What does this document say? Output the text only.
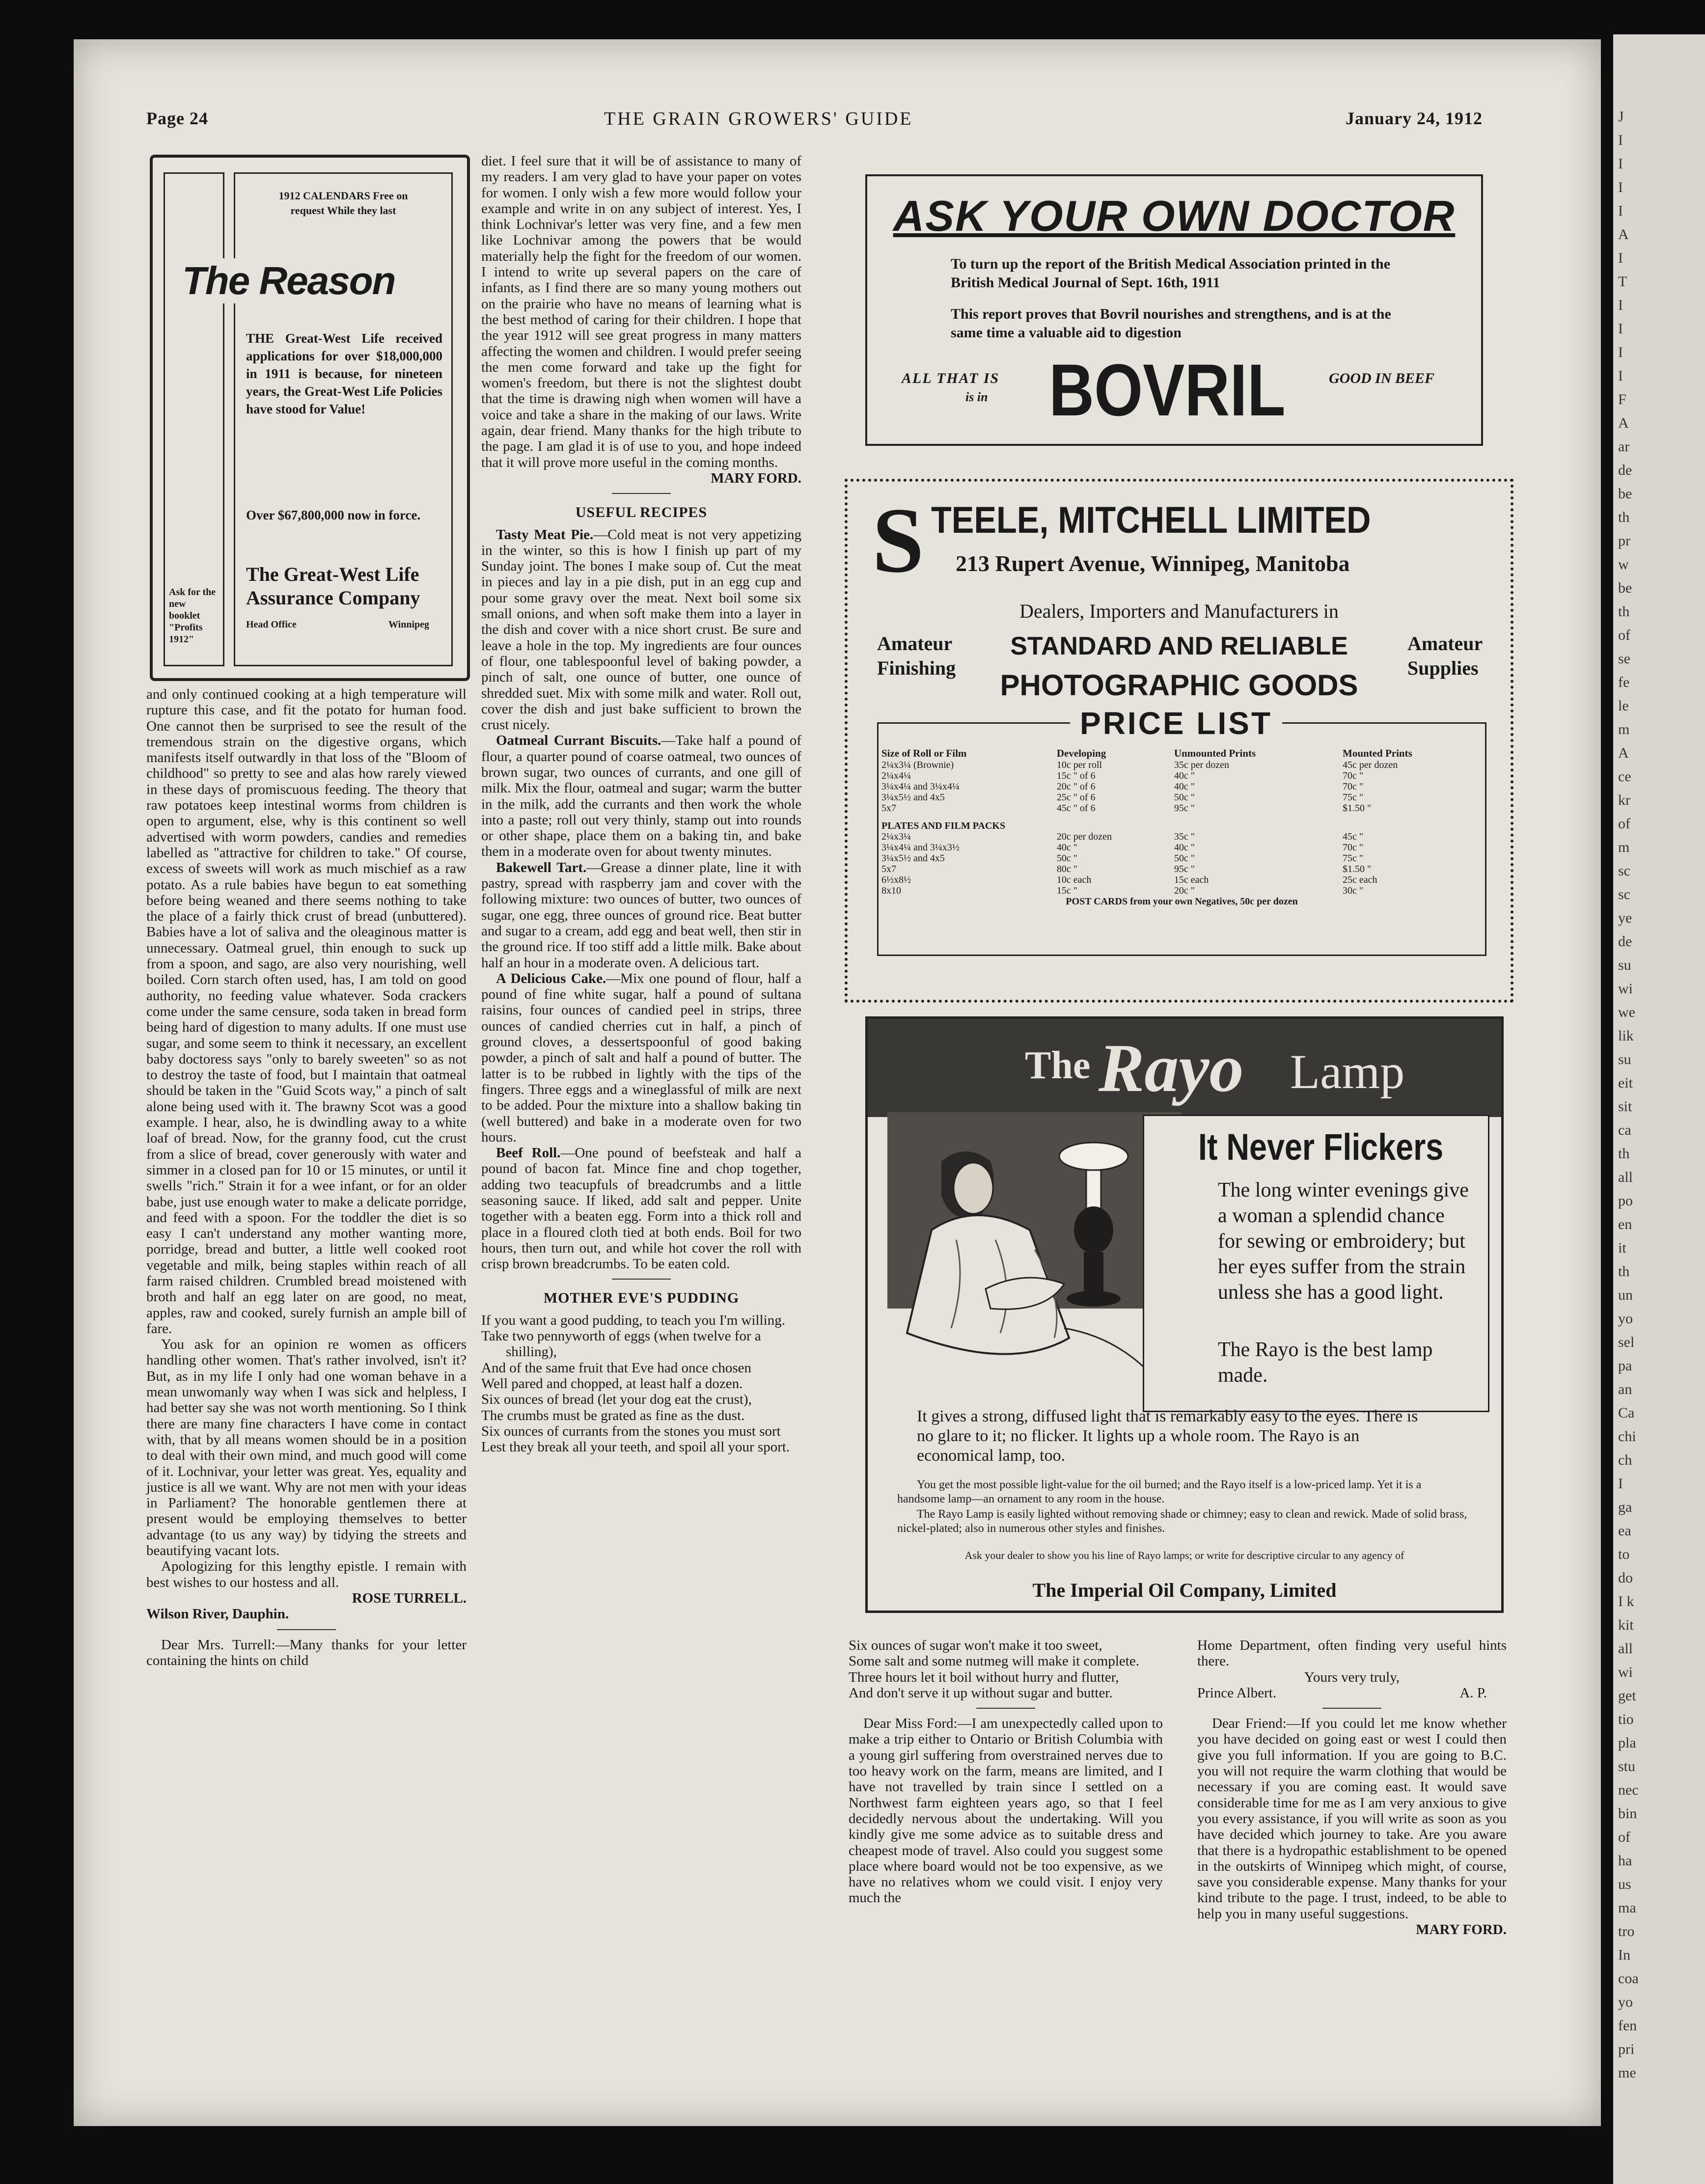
Page 24	THE GRAIN GROWERS' GUIDE	January 24, 1912
Ask for the new booklet "Profits 1912"
1912 CALENDARS Free on request While they last
The Reason
THE Great-West Life received applications for over $18,000,000 in 1911 is because, for nineteen years, the Great-West Life Policies have stood for Value!
Over $67,800,000 now in force.
The Great-West Life Assurance Company
Head Office	Winnipeg

and only continued cooking at a high temperature will rupture this case, and fit the potato for human food. One cannot then be surprised to see the result of the tremendous strain on the digestive organs, which manifests itself outwardly in that loss of the "Bloom of childhood" so pretty to see and alas how rarely viewed in these days of promiscuous feeding. The theory that raw potatoes keep intestinal worms from children is open to argument, else, why is this continent so well advertised with worm powders, candies and remedies labelled as "attractive for children to take." Of course, excess of sweets will work as much mischief as a raw potato. As a rule babies have begun to eat something before being weaned and there seems nothing to take the place of a fairly thick crust of bread (unbuttered). Babies have a lot of saliva and the oleaginous matter is unnecessary. Oatmeal gruel, thin enough to suck up from a spoon, and sago, are also very nourishing, well boiled. Corn starch often used, has, I am told on good authority, no feeding value whatever. Soda crackers come under the same censure, soda taken in bread form being hard of digestion to many adults. If one must use sugar, and some seem to think it necessary, an excellent baby doctoress says "only to barely sweeten" so as not to destroy the taste of food, but I maintain that oatmeal should be taken in the "Guid Scots way," a pinch of salt alone being used with it. The brawny Scot was a good example. I hear, also, he is dwindling away to a white loaf of bread. Now, for the granny food, cut the crust from a slice of bread, cover generously with water and simmer in a closed pan for 10 or 15 minutes, or until it swells "rich." Strain it for a wee infant, or for an older babe, just use enough water to make a delicate porridge, and feed with a spoon. For the toddler the diet is so easy I can't understand any mother wanting more, porridge, bread and butter, a little well cooked root vegetable and milk, being staples within reach of all farm raised children. Crumbled bread moistened with broth and half an egg later on are good, no meat, apples, raw and cooked, surely furnish an ample bill of fare.

You ask for an opinion re women as officers handling other women. That's rather involved, isn't it? But, as in my life I only had one woman behave in a mean unwomanly way when I was sick and helpless, I had better say she was not worth mentioning. So I think there are many fine characters I have come in contact with, that by all means women should be in a position to deal with their own mind, and much good will come of it. Lochnivar, your letter was great. Yes, equality and justice is all we want. Why are not men with your ideas in Parliament? The honorable gentlemen there at present would be employing themselves to better advantage (to us any way) by tidying the streets and beautifying vacant lots.

Apologizing for this lengthy epistle. I remain with best wishes to our hostess and all.

ROSE TURRELL.

Wilson River, Dauphin.

Dear Mrs. Turrell:—Many thanks for your letter containing the hints on child

diet. I feel sure that it will be of assistance to many of my readers. I am very glad to have your paper on votes for women. I only wish a few more would follow your example and write in on any subject of interest. Yes, I think Lochnivar's letter was very fine, and a few men like Lochnivar among the powers that be would materially help the fight for the freedom of our women. I intend to write up several papers on the care of infants, as I find there are so many young mothers out on the prairie who have no means of learning what is the best method of caring for their children. I hope that the year 1912 will see great progress in many matters affecting the women and children. I would prefer seeing the men come forward and take up the fight for women's freedom, but there is not the slightest doubt that the time is drawing nigh when women will have a voice and take a share in the making of our laws. Write again, dear friend. Many thanks for the high tribute to the page. I am glad it is of use to you, and hope indeed that it will prove more useful in the coming months.

MARY FORD.

USEFUL RECIPES

Tasty Meat Pie.—Cold meat is not very appetizing in the winter, so this is how I finish up part of my Sunday joint. The bones I make soup of. Cut the meat in pieces and lay in a pie dish, put in an egg cup and pour some gravy over the meat. Next boil some six small onions, and when soft make them into a layer in the dish and cover with a nice short crust. Be sure and leave a hole in the top. My ingredients are four ounces of flour, one tablespoonful level of baking powder, a pinch of salt, one ounce of butter, one ounce of shredded suet. Mix with some milk and water. Roll out, cover the dish and just bake sufficient to brown the crust nicely.

Oatmeal Currant Biscuits.—Take half a pound of flour, a quarter pound of coarse oatmeal, two ounces of brown sugar, two ounces of currants, and one gill of milk. Mix the flour, oatmeal and sugar; warm the butter in the milk, add the currants and then work the whole into a paste; roll out very thinly, stamp out into rounds or other shape, place them on a baking tin, and bake them in a moderate oven for about twenty minutes.

Bakewell Tart.—Grease a dinner plate, line it with pastry, spread with raspberry jam and cover with the following mixture: two ounces of butter, two ounces of sugar, one egg, three ounces of ground rice. Beat butter and sugar to a cream, add egg and beat well, then stir in the ground rice. If too stiff add a little milk. Bake about half an hour in a moderate oven. A delicious tart.

A Delicious Cake.—Mix one pound of flour, half a pound of fine white sugar, half a pound of sultana raisins, four ounces of candied peel in strips, three ounces of candied cherries cut in half, a pinch of ground cloves, a dessertspoonful of good baking powder, a pinch of salt and half a pound of butter. The latter is to be rubbed in lightly with the tips of the fingers. Three eggs and a wineglassful of milk are next to be added. Pour the mixture into a shallow baking tin (well buttered) and bake in a moderate oven for two hours.

Beef Roll.—One pound of beefsteak and half a pound of bacon fat. Mince fine and chop together, adding two teacupfuls of breadcrumbs and a little seasoning sauce. If liked, add salt and pepper. Unite together with a beaten egg. Form into a thick roll and place in a floured cloth tied at both ends. Boil for two hours, then turn out, and while hot cover the roll with crisp brown breadcrumbs. To be eaten cold.

MOTHER EVE'S PUDDING

If you want a good pudding, to teach you I'm willing.

Take two pennyworth of eggs (when twelve for a shilling),

And of the same fruit that Eve had once chosen

Well pared and chopped, at least half a dozen.

Six ounces of bread (let your dog eat the crust),

The crumbs must be grated as fine as the dust.

Six ounces of currants from the stones you must sort

Lest they break all your teeth, and spoil all your sport.

ASK YOUR OWN DOCTOR
To turn up the report of the British Medical Association printed in the British Medical Journal of Sept. 16th, 1911
This report proves that Bovril nourishes and strengthens, and is at the same time a valuable aid to digestion
ALL THAT IS
is in BOVRIL	GOOD IN BEEF
S TEELE, MITCHELL LIMITED
213 Rupert Avenue, Winnipeg, Manitoba
Dealers, Importers and Manufacturers in
Amateur Finishing
STANDARD AND RELIABLE
PHOTOGRAPHIC GOODS
Amateur Supplies
PRICE LIST
Size of Roll or Film	Developing	Unmounted Prints	Mounted Prints
2¼x3¼ (Brownie)	10c per roll	35c per dozen	45c per dozen
2¼x4¼	15c " of 6	40c "	70c "
3¼x4¼ and 3¼x4¼	20c " of 6	40c "	70c "
3¼x5½ and 4x5	25c " of 6	50c "	75c "
5x7	45c " of 6	95c "	$1.50 "
PLATES AND FILM PACKS			
2¼x3¼	20c per dozen	35c "	45c "
3¼x4¼ and 3¼x3½	40c "	40c "	70c "
3¼x5½ and 4x5	50c "	50c "	75c "
5x7	80c "	95c "	$1.50 "
6½x8½	10c each	15c each	25c each
8x10	15c "	20c "	30c "
POST CARDS from your own Negatives, 50c per dozen			
The Rayo Lamp
It Never Flickers
The long winter evenings give a woman a splendid chance for sewing or embroidery; but her eyes suffer from the strain unless she has a good light.
The Rayo is the best lamp made.
It gives a strong, diffused light that is remarkably easy to the eyes. There is no glare to it; no flicker. It lights up a whole room. The Rayo is an economical lamp, too.
You get the most possible light-value for the oil burned; and the Rayo itself is a low-priced lamp. Yet it is a handsome lamp—an ornament to any room in the house.
The Rayo Lamp is easily lighted without removing shade or chimney; easy to clean and rewick. Made of solid brass, nickel-plated; also in numerous other styles and finishes.
Ask your dealer to show you his line of Rayo lamps; or write for descriptive circular to any agency of
The Imperial Oil Company, Limited

Six ounces of sugar won't make it too sweet,

Some salt and some nutmeg will make it complete.

Three hours let it boil without hurry and flutter,

And don't serve it up without sugar and butter.

Dear Miss Ford:—I am unexpectedly called upon to make a trip either to Ontario or British Columbia with a young girl suffering from overstrained nerves due to too heavy work on the farm, means are limited, and I have not travelled by train since I settled on a Northwest farm eighteen years ago, so that I feel decidedly nervous about the undertaking. Will you kindly give me some advice as to suitable dress and cheapest mode of travel. Also could you suggest some place where board would not be too expensive, as we have no relatives whom we could visit. I enjoy very much the

Home Department, often finding very useful hints there.

Yours very truly,

Prince Albert.	A. P.

Dear Friend:—If you could let me know whether you have decided on going east or west I could then give you full information. If you are going to B.C. you will not require the warm clothing that would be necessary if you are coming east. It would save considerable time for me as I am very anxious to give you every assistance, if you will write as soon as you have decided which journey to take. Are you aware that there is a hydropathic establishment to be opened in the outskirts of Winnipeg which might, of course, save you considerable expense. Many thanks for your kind tribute to the page. I trust, indeed, to be able to help you in many useful suggestions.

MARY FORD.

J
I
I
I
I
A
I
T
I
I
I
I
F
A
ar
de
be
th
pr
w
be
th
of
se
fe
le
m
A
ce
kr
of
m
sc
sc
ye
de
su
wi
we
lik
su
eit
sit
ca
th
all
po
en
it
th
un
yo
sel
pa
an
Ca
chi
ch
I
ga
ea
to
do
I k
kit
all
wi
get
tio
pla
stu
nec
bin
of
ha
us
ma
tro
In
coa
yo
fen
pri
me
